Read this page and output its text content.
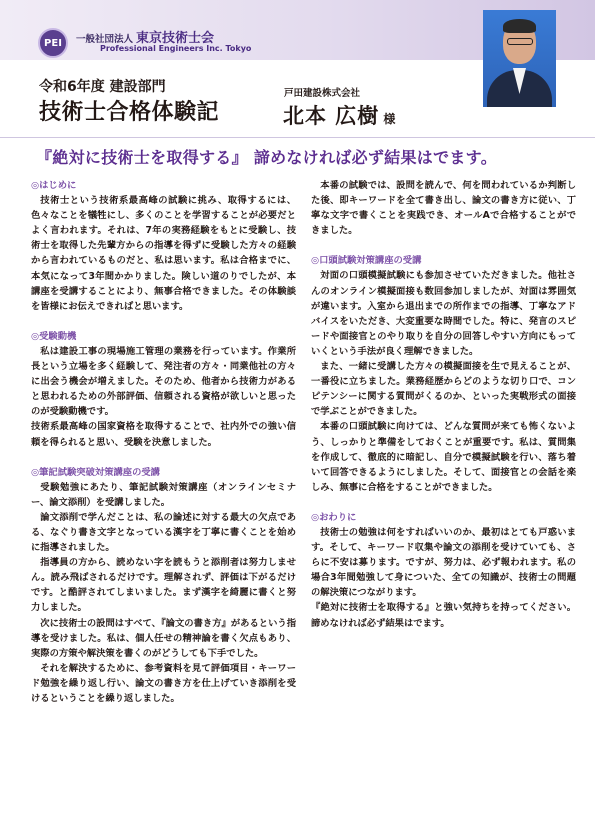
PEI 一般社団法人 東京技術士会
Professional Engineers Inc. Tokyo
令和6年度 建設部門
技術士合格体験記
戸田建設株式会社
北本 広樹 様
『絶対に技術士を取得する』 諦めなければ必ず結果はでます。

◎はじめに

技術士という技術系最高峰の試験に挑み、取得するには、色々なことを犠牲にし、多くのことを学習することが必要だとよく言われます。それは、7年の実務経験をもとに受験し、技術士を取得した先輩方からの指導を得ずに受験した方々の経験から言われているものだと、私は思います。私は合格までに、本気になって3年間かかりました。険しい道のりでしたが、本講座を受講することにより、無事合格できました。その体験談を皆様にお伝えできればと思います。

◎受験動機

私は建設工事の現場施工管理の業務を行っています。作業所長という立場を多く経験して、発注者の方々・同業他社の方々に出会う機会が増えました。そのため、他者から技術力があると思われるための外部評価、信頼される資格が欲しいと思ったのが受験動機です。

技術系最高峰の国家資格を取得することで、社内外での強い信頼を得られると思い、受験を決意しました。

◎筆記試験突破対策講座の受講

受験勉強にあたり、筆記試験対策講座（オンラインセミナー、論文添削）を受講しました。

論文添削で学んだことは、私の論述に対する最大の欠点である、なぐり書き文字となっている漢字を丁寧に書くことを始めに指導されました。

指導員の方から、読めない字を読もうと添削者は努力しません。読み飛ばされるだけです。理解されず、評価は下がるだけです。と酷評されてしまいました。まず漢字を綺麗に書くと努力しました。

次に技術士の設問はすべて、『論文の書き方』があるという指導を受けました。私は、個人任せの精神論を書く欠点もあり、実際の方策や解決策を書くのがどうしても下手でした。

それを解決するために、参考資料を見て評価項目・キーワード勉強を繰り返し行い、論文の書き方を仕上げていき添削を受けるということを繰り返しました。

本番の試験では、設問を読んで、何を問われているか判断した後、即キーワードを全て書き出し、論文の書き方に従い、丁寧な文字で書くことを実践でき、オールAで合格することができました。

◎口頭試験対策講座の受講

対面の口頭模擬試験にも参加させていただきました。他社さんのオンライン模擬面接も数回参加しましたが、対面は雰囲気が違います。入室から退出までの所作までの指導、丁寧なアドバイスをいただき、大変重要な時間でした。特に、発言のスピードや面接官とのやり取りを自分の回答しやすい方向にもっていくという手法が良く理解できました。

また、一緒に受講した方々の模擬面接を生で見えることが、一番役に立ちました。業務経歴からどのような切り口で、コンピテンシーに関する質問がくるのか、といった実戦形式の面接で学ぶことができました。

本番の口頭試験に向けては、どんな質問が来ても怖くないよう、しっかりと準備をしておくことが重要です。私は、質問集を作成して、徹底的に暗記し、自分で模擬試験を行い、落ち着いて回答できるようにしました。そして、面接官との会話を楽しみ、無事に合格をすることができました。

◎おわりに

技術士の勉強は何をすればいいのか、最初はとても戸惑います。そして、キーワード収集や論文の添削を受けていても、さらに不安は募ります。ですが、努力は、必ず報われます。私の場合3年間勉強して身についた、全ての知識が、技術士の問題の解決策につながります。

『絶対に技術士を取得する』と強い気持ちを持ってください。諦めなければ必ず結果はでます。
